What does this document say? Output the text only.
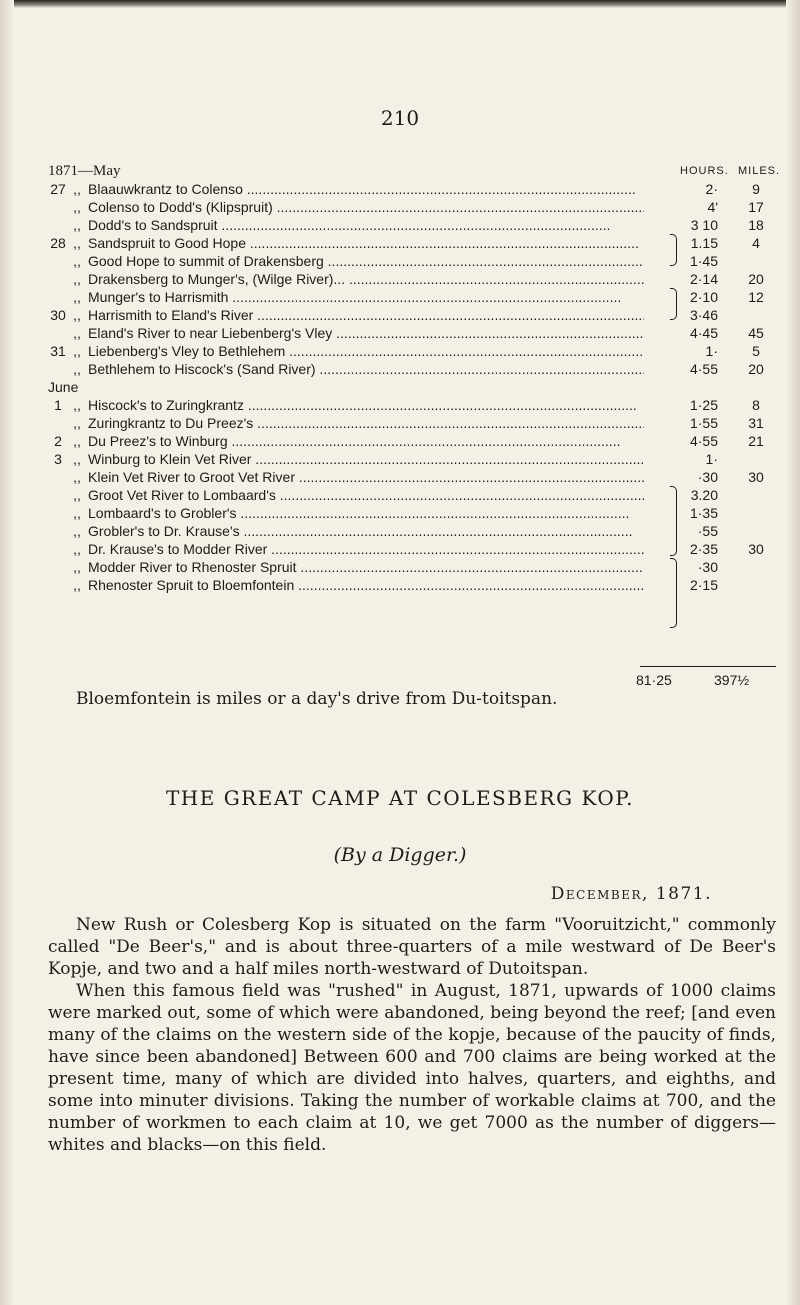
210
1871—May	HOURS. MILES.
27 ,, Blaauwkrantz to Colenso .....	2·	9
,, Colenso to Dodd's (Klipspruit) .....	4'	17
,, Dodd's to Sandspruit .....	3 10	18
28 ,, Sandspruit to Good Hope .....	1.15	4
,, Good Hope to summit of Drakensberg .....	1·45
,, Drakensberg to Munger's, (Wilge River)... .....	2·14	20
,, Munger's to Harrismith .....	2·10	12
30 ,, Harrismith to Eland's River .....	3·46
,, Eland's River to near Liebenberg's Vley .....	4·45	45
31 ,, Liebenberg's Vley to Bethlehem .....	1·	5
,, Bethlehem to Hiscock's (Sand River) .....	4·55	20
June
1 ,, Hiscock's to Zuringkrantz .....	1·25	8
,, Zuringkrantz to Du Preez's .....	1·55	31
2 ,, Du Preez's to Winburg .....	4·55	21
3 ,, Winburg to Klein Vet River .....	1·
,, Klein Vet River to Groot Vet River .....	·30	30
,, Groot Vet River to Lombaard's .....	3.20
,, Lombaard's to Grobler's .....	1·35
,, Grobler's to Dr. Krause's .....	·55
,, Dr. Krause's to Modder River .....	2·35	30
,, Modder River to Rhenoster Spruit .....	·30
,, Rhenoster Spruit to Bloemfontein .....	2·15
81·25	397½

Bloemfontein is miles or a day's drive from Du-toitspan.

THE GREAT CAMP AT COLESBERG KOP.
(By a Digger.)
December, 1871.

New Rush or Colesberg Kop is situated on the farm "Vooruitzicht," commonly called "De Beer's," and is about three-quarters of a mile westward of De Beer's Kopje, and two and a half miles north-westward of Dutoitspan.

When this famous field was "rushed" in August, 1871, upwards of 1000 claims were marked out, some of which were abandoned, being beyond the reef; [and even many of the claims on the western side of the kopje, because of the paucity of finds, have since been abandoned] Between 600 and 700 claims are being worked at the present time, many of which are divided into halves, quarters, and eighths, and some into minuter divisions. Taking the number of workable claims at 700, and the number of workmen to each claim at 10, we get 7000 as the number of diggers—whites and blacks—on this field.
